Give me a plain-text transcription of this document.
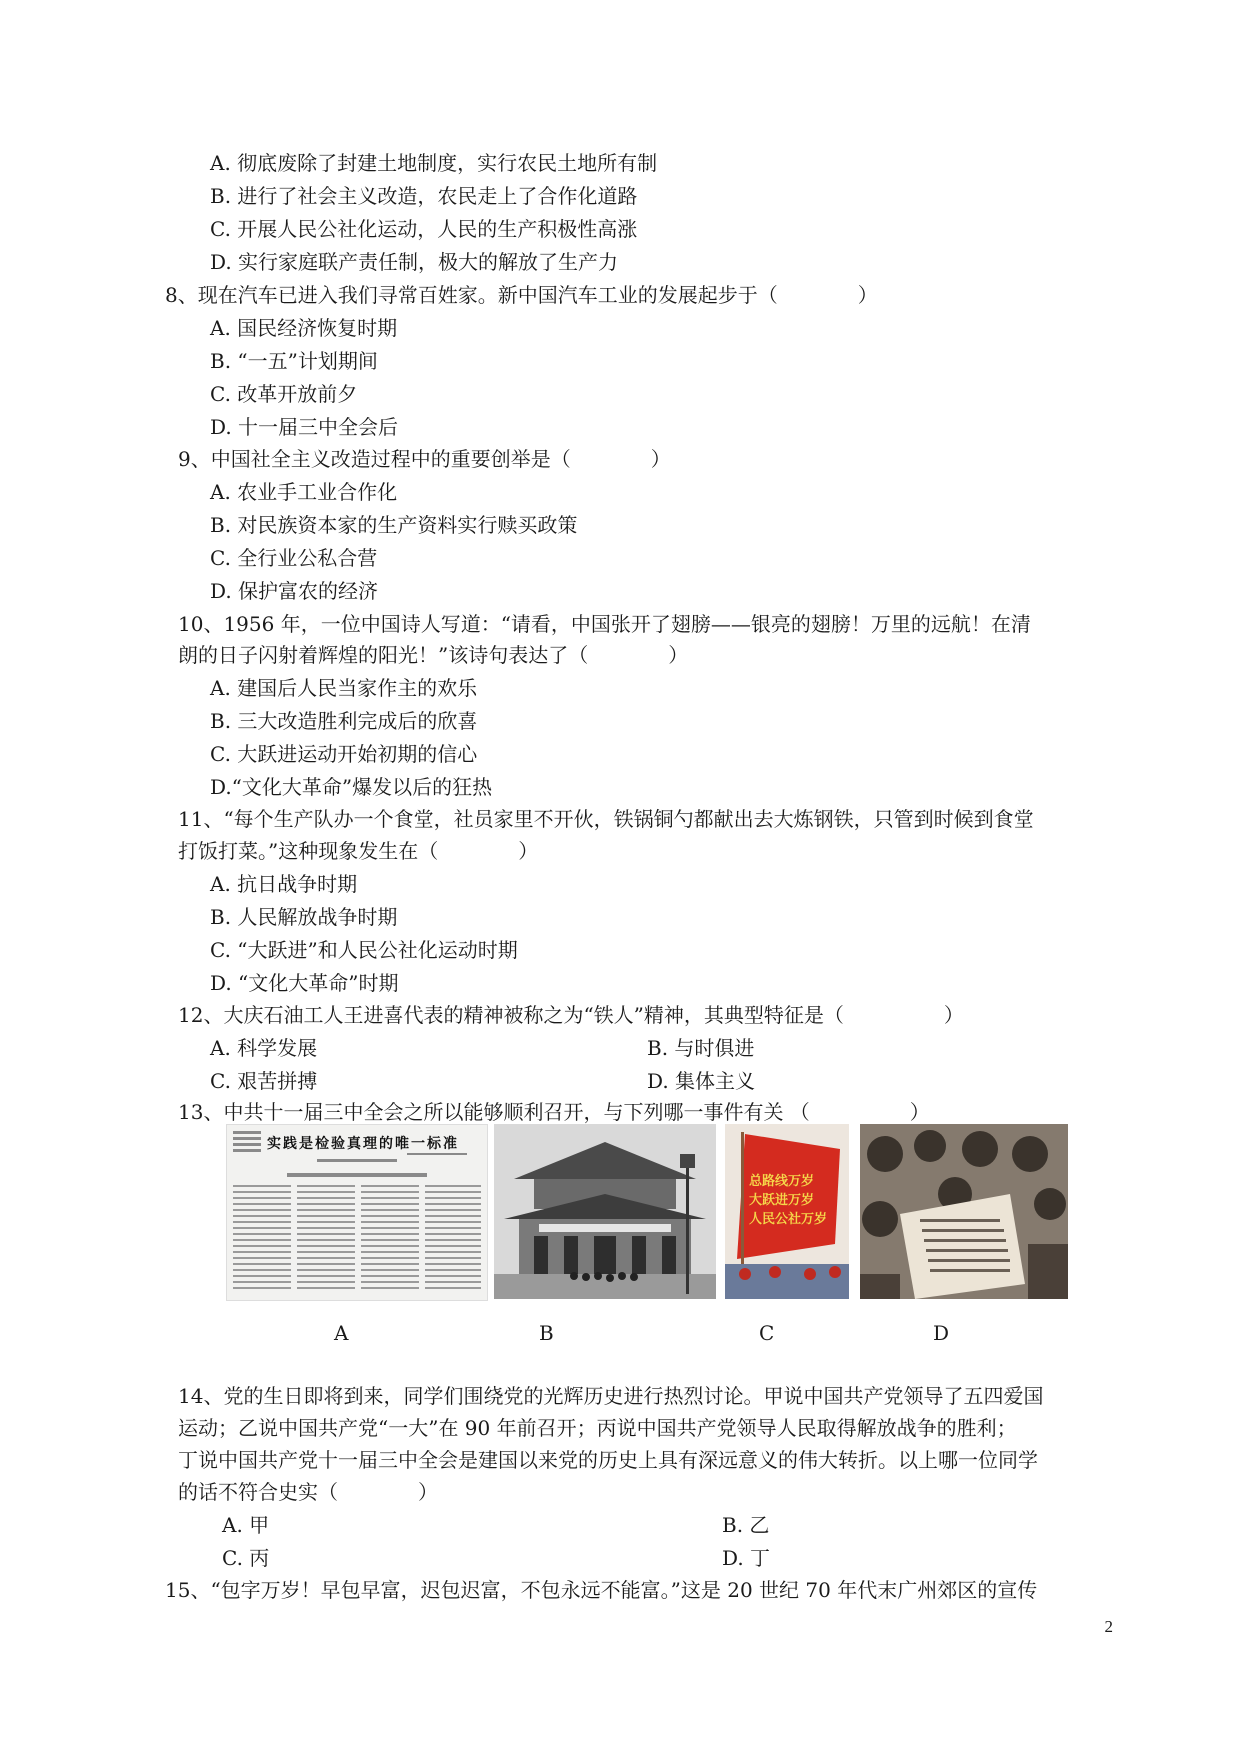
A. 彻底废除了封建土地制度，实行农民土地所有制
B. 进行了社会主义改造，农民走上了合作化道路
C. 开展人民公社化运动，人民的生产积极性高涨
D. 实行家庭联产责任制，极大的解放了生产力
8、现在汽车已进入我们寻常百姓家。新中国汽车工业的发展起步于（　　　　）
A. 国民经济恢复时期
B. “一五”计划期间
C. 改革开放前夕
D. 十一届三中全会后
9、中国社全主义改造过程中的重要创举是（　　　　）
A. 农业手工业合作化
B. 对民族资本家的生产资料实行赎买政策
C. 全行业公私合营
D. 保护富农的经济
10、1956 年，一位中国诗人写道：“请看，中国张开了翅膀——银亮的翅膀！万里的远航！在清
朗的日子闪射着辉煌的阳光！”该诗句表达了（　　　　）
A. 建国后人民当家作主的欢乐
B. 三大改造胜利完成后的欣喜
C. 大跃进运动开始初期的信心
D.“文化大革命”爆发以后的狂热
11、“每个生产队办一个食堂，社员家里不开伙，铁锅铜勺都献出去大炼钢铁，只管到时候到食堂
打饭打菜。”这种现象发生在（　　　　）
A. 抗日战争时期
B. 人民解放战争时期
C. “大跃进”和人民公社化运动时期
D. “文化大革命”时期
12、大庆石油工人王进喜代表的精神被称之为“铁人”精神，其典型特征是（　　　　　）
A. 科学发展	B. 与时俱进
C. 艰苦拼搏	D. 集体主义
13、中共十一届三中全会之所以能够顺利召开，与下列哪一事件有关 （　　　　　）
实践是检验真理的唯一标准
总路线万岁
大跃进万岁
人民公社万岁
A	B	C	D
14、党的生日即将到来，同学们围绕党的光辉历史进行热烈讨论。甲说中国共产党领导了五四爱国
运动；乙说中国共产党“一大”在 90 年前召开；丙说中国共产党领导人民取得解放战争的胜利；
丁说中国共产党十一届三中全会是建国以来党的历史上具有深远意义的伟大转折。以上哪一位同学
的话不符合史实（　　　　）
A. 甲	B. 乙
C. 丙	D. 丁
15、“包字万岁！早包早富，迟包迟富，不包永远不能富。”这是 20 世纪 70 年代末广州郊区的宣传
2
